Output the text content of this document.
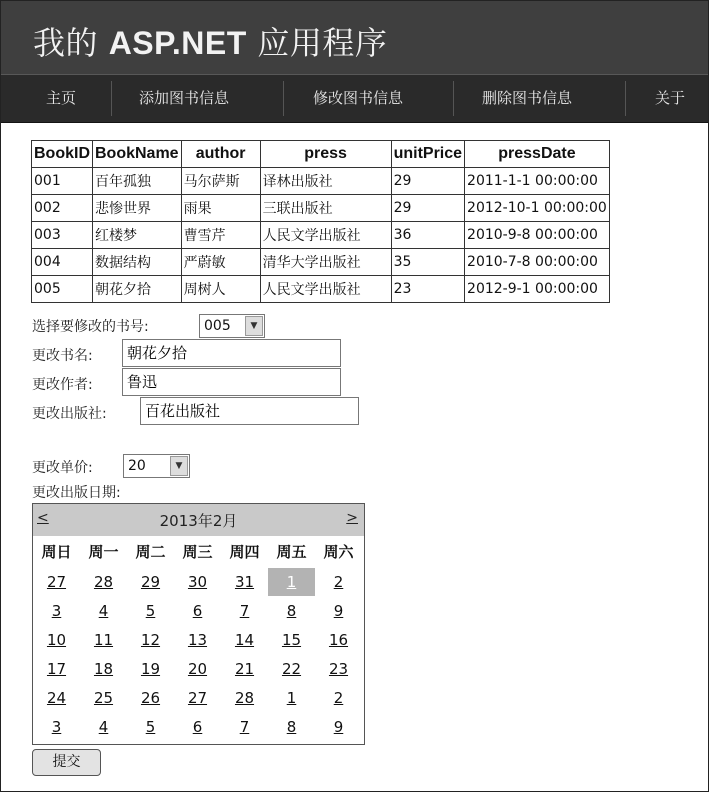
我的 ASP.NET 应用程序
主页	添加图书信息	修改图书信息	删除图书信息	关于
BookID	BookName	author	press	unitPrice	pressDate
001	百年孤独	马尔萨斯	译林出版社	29	2011-1-1 00:00:00
002	悲惨世界	雨果	三联出版社	29	2012-10-1 00:00:00
003	红楼梦	曹雪芹	人民文学出版社	36	2010-9-8 00:00:00
004	数据结构	严蔚敏	清华大学出版社	35	2010-7-8 00:00:00
005	朝花夕拾	周树人	人民文学出版社	23	2012-9-1 00:00:00
选择要修改的书号:	005	▼
更改书名:	朝花夕拾
更改作者:	鲁迅
更改出版社:	百花出版社
更改单价:	20	▼
更改出版日期:
<	2013年2月	>
周日	周一	周二	周三	周四	周五	周六
27	28	29	30	31	1	2
3	4	5	6	7	8	9
10	11	12	13	14	15	16
17	18	19	20	21	22	23
24	25	26	27	28	1	2
3	4	5	6	7	8	9
提交
